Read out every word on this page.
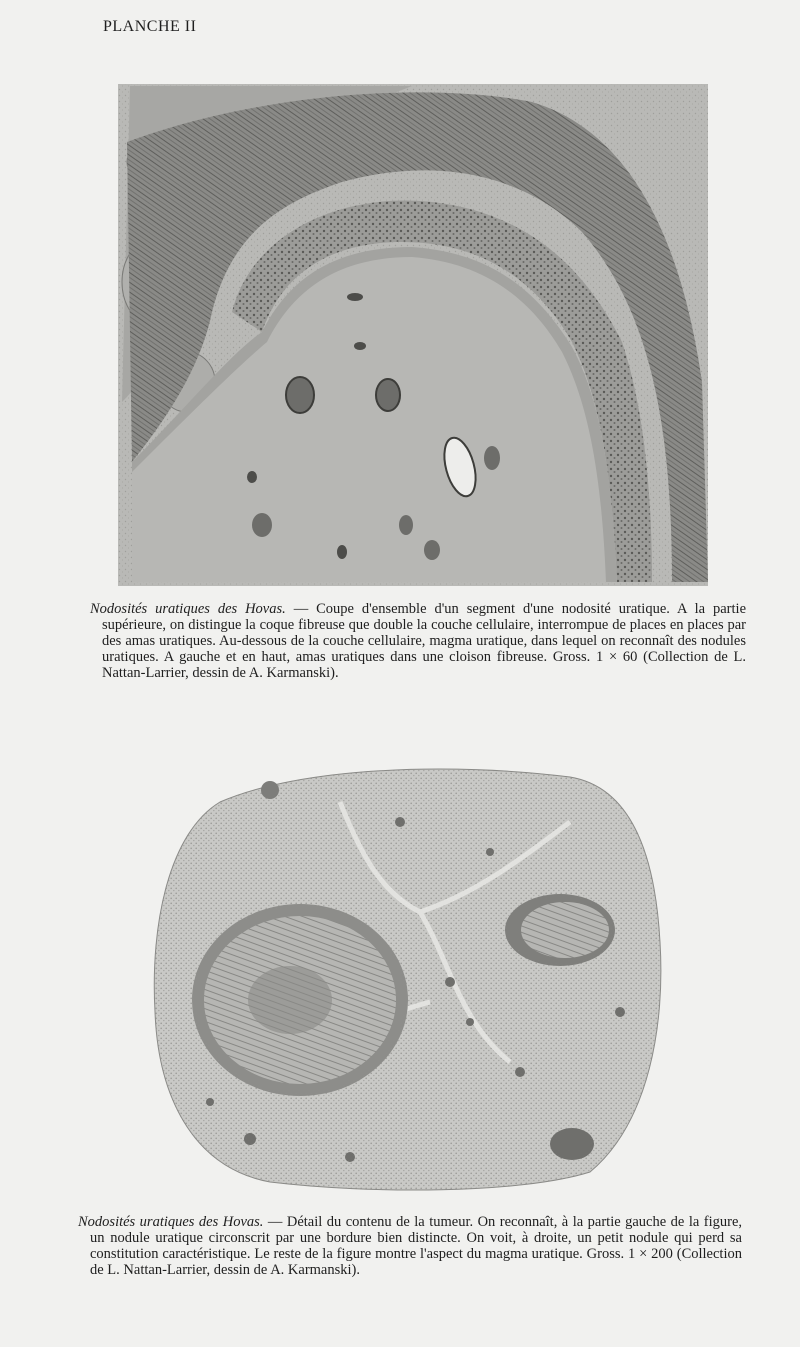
PLANCHE II

Nodosités uratiques des Hovas. — Coupe d'ensemble d'un segment d'une nodosité uratique. A la partie supérieure, on distingue la coque fibreuse que double la couche cellulaire, interrompue de places en places par des amas uratiques. Au-dessous de la couche cellulaire, magma uratique, dans lequel on reconnaît des nodules uratiques. A gauche et en haut, amas uratiques dans une cloison fibreuse. Gross. 1 × 60 (Collection de L. Nattan-Larrier, dessin de A. Karmanski).

Nodosités uratiques des Hovas. — Détail du contenu de la tumeur. On reconnaît, à la partie gauche de la figure, un nodule uratique circonscrit par une bordure bien distincte. On voit, à droite, un petit nodule qui perd sa constitution caractéristique. Le reste de la figure montre l'aspect du magma uratique. Gross. 1 × 200 (Collection de L. Nattan-Larrier, dessin de A. Karmanski).
